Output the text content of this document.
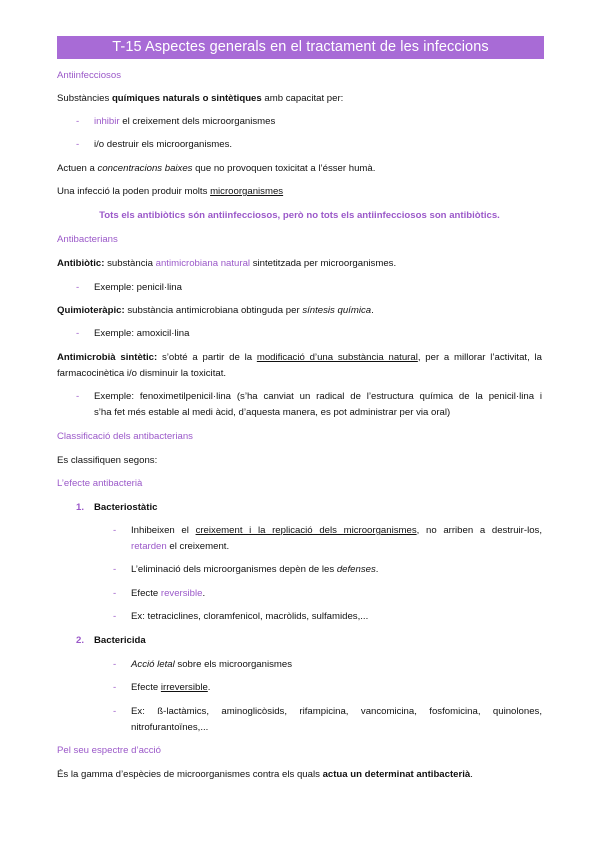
T-15 Aspectes generals en el tractament de les infeccions
Antiinfecciosos
Substàncies químiques naturals o sintètiques amb capacitat per:
- inhibir el creixement dels microorganismes
- i/o destruir els microorganismes.
Actuen a concentracions baixes que no provoquen toxicitat a l’ésser humà.
Una infecció la poden produir molts microorganismes
Tots els antibiòtics són antiinfecciosos, però no tots els antiinfecciosos son antibiòtics.
Antibacterians
Antibiòtic: substància antimicrobiana natural sintetitzada per microorganismes.
- Exemple: penicil·lina
Quimioteràpic: substància antimicrobiana obtinguda per síntesis química.
- Exemple: amoxicil·lina
Antimicrobià sintètic: s’obté a partir de la modificació d’una substància natural, per a millorar l’activitat, la
farmacocinètica i/o disminuir la toxicitat.
- Exemple: fenoximetilpenicil·lina (s’ha canviat un radical de l’estructura química de la penicil·lina i
s’ha fet més estable al medi àcid, d’aquesta manera, es pot administrar per via oral)
Classificació dels antibacterians
Es classifiquen segons:
L’efecte antibacterià
1. Bacteriostàtic
- Inhibeixen el creixement i la replicació dels microorganismes, no arriben a destruir-los,
retarden el creixement.
- L’eliminació dels microorganismes depèn de les defenses.
- Efecte reversible.
- Ex: tetraciclines, cloramfenicol, macròlids, sulfamides,...
2. Bactericida
- Acció letal sobre els microorganismes
- Efecte irreversible.
- Ex: ß-lactàmics, aminoglicòsids, rifampicina, vancomicina, fosfomicina, quinolones,
nitrofurantoïnes,...
Pel seu espectre d’acció
És la gamma d’espècies de microorganismes contra els quals actua un determinat antibacterià.
